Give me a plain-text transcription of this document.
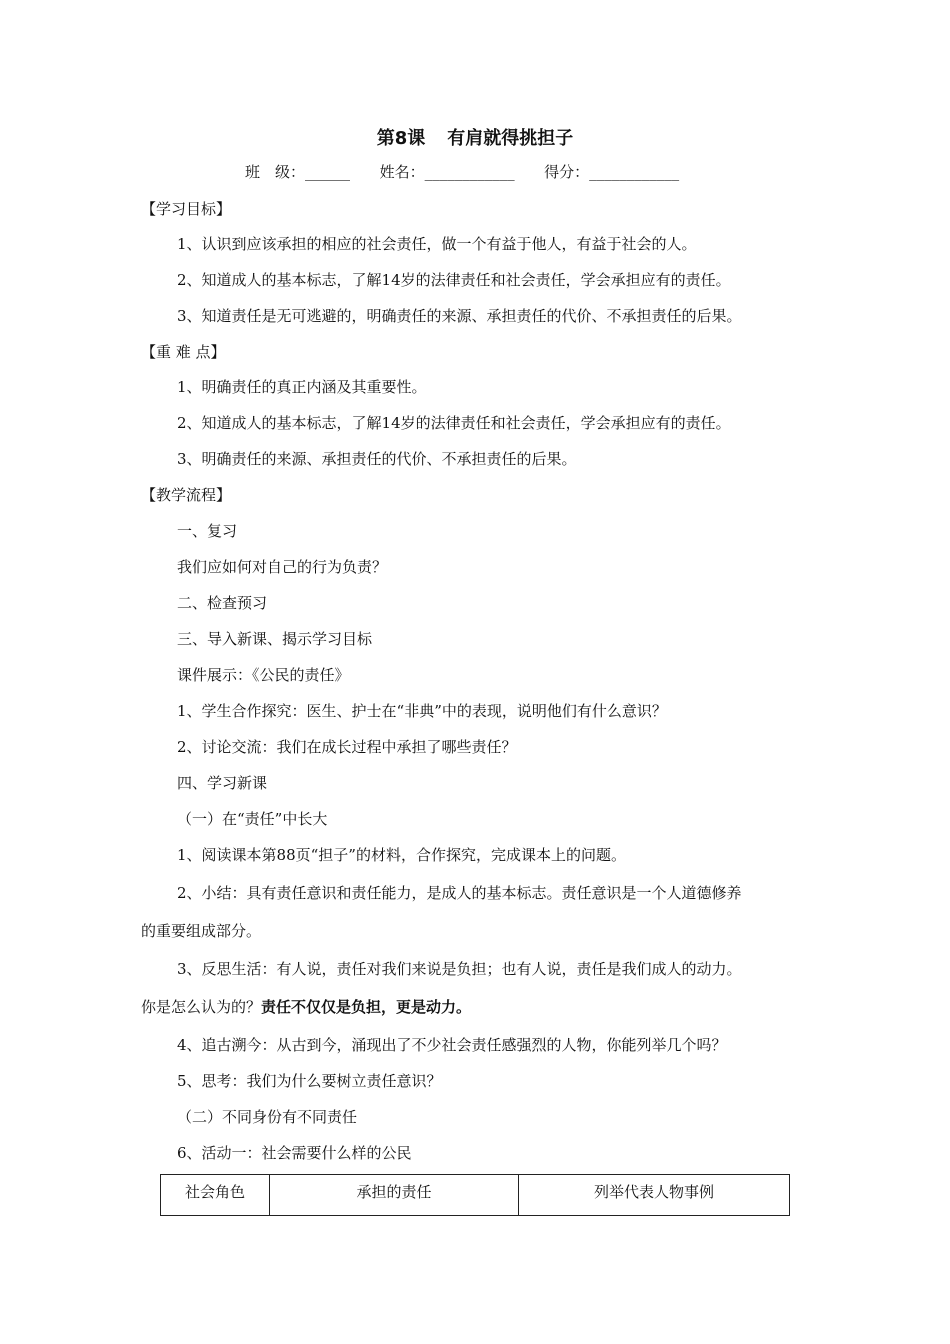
第8课 有肩就得挑担子
班　级：______ 姓名：____________ 得分：____________
【学习目标】
1、认识到应该承担的相应的社会责任，做一个有益于他人，有益于社会的人。
2、知道成人的基本标志，了解14岁的法律责任和社会责任，学会承担应有的责任。
3、知道责任是无可逃避的，明确责任的来源、承担责任的代价、不承担责任的后果。
【重 难 点】
1、明确责任的真正内涵及其重要性。
2、知道成人的基本标志，了解14岁的法律责任和社会责任，学会承担应有的责任。
3、明确责任的来源、承担责任的代价、不承担责任的后果。
【教学流程】
一、复习
我们应如何对自己的行为负责？
二、检查预习
三、导入新课、揭示学习目标
课件展示：《公民的责任》
1、学生合作探究：医生、护士在“非典”中的表现，说明他们有什么意识？
2、讨论交流：我们在成长过程中承担了哪些责任？
四、学习新课
（一）在“责任”中长大
1、阅读课本第88页“担子”的材料，合作探究，完成课本上的问题。
2、小结：具有责任意识和责任能力，是成人的基本标志。责任意识是一个人道德修养
的重要组成部分。
3、反思生活：有人说，责任对我们来说是负担；也有人说，责任是我们成人的动力。
你是怎么认为的？责任不仅仅是负担，更是动力。
4、追古溯今：从古到今，涌现出了不少社会责任感强烈的人物，你能列举几个吗？
5、思考：我们为什么要树立责任意识？
（二）不同身份有不同责任
6、活动一：社会需要什么样的公民
社会角色	承担的责任	列举代表人物事例
